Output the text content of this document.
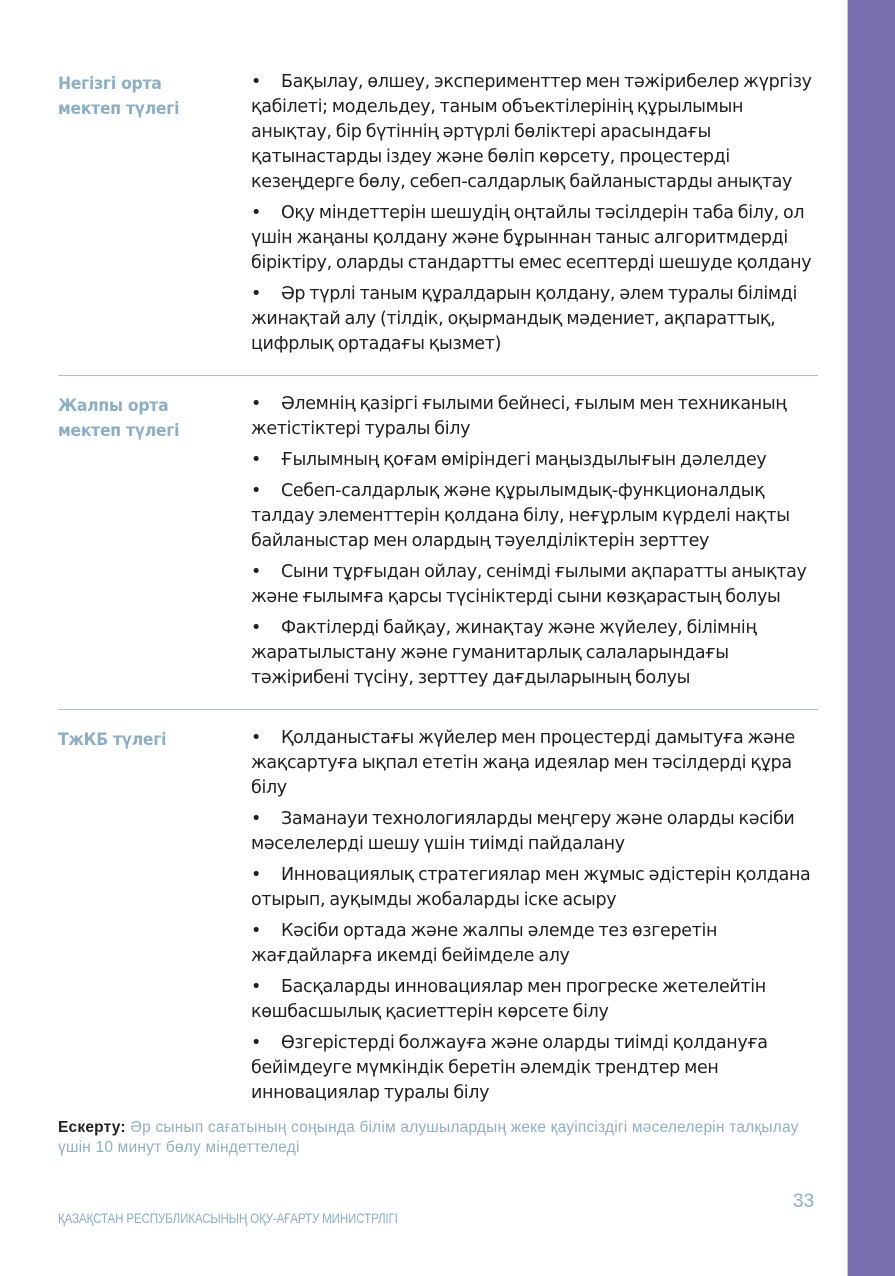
Негізгі орта
мектеп түлегі
• Бақылау, өлшеу, эксперименттер мен тәжірибелер жүргізу қабілеті; модельдеу, таным объектілерінің құрылымын анықтау, бір бүтіннің әртүрлі бөліктері арасындағы қатынастарды іздеу және бөліп көрсету, процестерді кезеңдерге бөлу, себеп-салдарлық байланыстарды анықтау
• Оқу міндеттерін шешудің оңтайлы тәсілдерін таба білу, ол үшін жаңаны қолдану және бұрыннан таныс алгоритмдерді біріктіру, оларды стандартты емес есептерді шешуде қолдану
• Әр түрлі таным құралдарын қолдану, әлем туралы білімді жинақтай алу (тілдік, оқырмандық мәдениет, ақпараттық, цифрлық ортадағы қызмет)
Жалпы орта
мектеп түлегі
• Әлемнің қазіргі ғылыми бейнесі, ғылым мен техниканың жетістіктері туралы білу
• Ғылымның қоғам өміріндегі маңыздылығын дәлелдеу
• Себеп-салдарлық және құрылымдық-функционалдық талдау элементтерін қолдана білу, неғұрлым күрделі нақты байланыстар мен олардың тәуелділіктерін зерттеу
• Сыни тұрғыдан ойлау, сенімді ғылыми ақпаратты анықтау және ғылымға қарсы түсініктерді сыни көзқарастың болуы
• Фактілерді байқау, жинақтау және жүйелеу, білімнің жаратылыстану және гуманитарлық салаларындағы тәжірибені түсіну, зерттеу дағдыларының болуы
ТжКБ түлегі	• Қолданыстағы жүйелер мен процестерді дамытуға және жақсартуға ықпал ететін жаңа идеялар мен тәсілдерді құра білу
• Заманауи технологияларды меңгеру және оларды кәсіби мәселелерді шешу үшін тиімді пайдалану
• Инновациялық стратегиялар мен жұмыс әдістерін қолдана отырып, ауқымды жобаларды іске асыру
• Кәсіби ортада және жалпы әлемде тез өзгеретін жағдайларға икемді бейімделе алу
• Басқаларды инновациялар мен прогреске жетелейтін көшбасшылық қасиеттерін көрсете білу
• Өзгерістерді болжауға және оларды тиімді қолдануға бейімдеуге мүмкіндік беретін әлемдік трендтер мен инновациялар туралы білу
Ескерту: Әр сынып сағатының соңында білім алушылардың жеке қауіпсіздігі мәселелерін талқылау үшін 10 минут бөлу міндеттеледі
33
ҚАЗАҚСТАН РЕСПУБЛИКАСЫНЫҢ ОҚУ-АҒАРТУ МИНИСТРЛІГІ
